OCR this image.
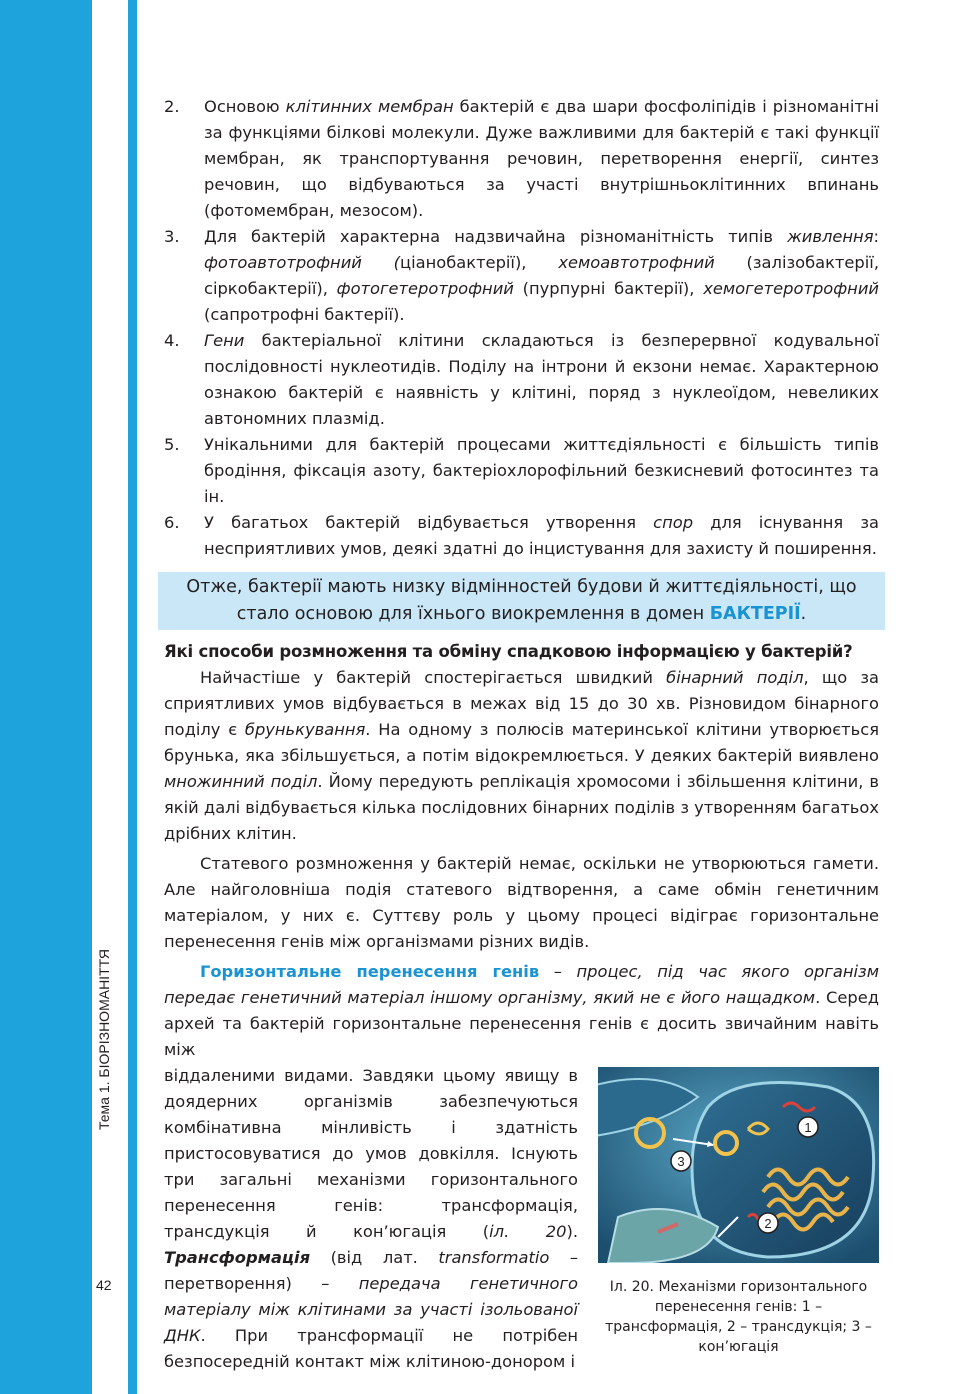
42
2.	Основою клітинних мембран бактерій є два шари фосфоліпідів і різноманітні за функціями білкові молекули. Дуже важливими для бактерій є такі функції мембран, як транспортування речовин, перетворення енергії, синтез речовин, що відбуваються за участі внутрішньоклітинних впинань (фотомембран, мезосом).
3.	Для бактерій характерна надзвичайна різноманітність типів живлення: фотоавтотрофний (ціанобактерії), хемоавтотрофний (залізобактерії, сіркобактерії), фотогетеротрофний (пурпурні бактерії), хемогетеротрофний (сапротрофні бактерії).
4.	Гени бактеріальної клітини складаються із безперервної кодувальної послідовності нуклеотидів. Поділу на інтрони й екзони немає. Характерною ознакою бактерій є наявність у клітині, поряд з нуклеоїдом, невеликих автономних плазмід.
5.	Унікальними для бактерій процесами життєдіяльності є більшість типів бродіння, фіксація азоту, бактеріохлорофільний безкисневий фотосинтез та ін.
6.	У багатьох бактерій відбувається утворення спор для існування за несприятливих умов, деякі здатні до інцистування для захисту й поширення.
Отже, бактерії мають низку відмінностей будови й життєдіяльності, що стало основою для їхнього виокремлення в домен БАКТЕРІЇ.
Які способи розмноження та обміну спадковою інформацією у бактерій?

Найчастіше у бактерій спостерігається швидкий бінарний поділ, що за сприятливих умов відбувається в межах від 15 до 30 хв. Різновидом бінарного поділу є брунькування. На одному з полюсів материнської клітини утворюється брунька, яка збільшується, а потім відокремлюється. У деяких бактерій виявлено множинний поділ. Йому передують реплікація хромосоми і збільшення клітини, в якій далі відбувається кілька послідовних бінарних поділів з утворенням багатьох дрібних клітин.

Статевого розмноження у бактерій немає, оскільки не утворюються гамети. Але найголовніша подія статевого відтворення, а саме обмін генетичним матеріалом, у них є. Суттєву роль у цьому процесі відіграє горизонтальне перенесення генів між організмами різних видів.

Горизонтальне перенесення генів – процес, під час якого організм передає генетичний матеріал іншому організму, який не є його нащадком. Серед архей та бактерій горизонтальне перенесення генів є досить звичайним навіть між

віддаленими видами. Завдяки цьому явищу в доядерних організмів забезпечуються комбінативна мінливість і здатність пристосовуватися до умов довкілля. Існують три загальні механізми горизонтального перенесення генів: трансформація, трансдукція й кон’югація (іл. 20). Трансформація (від лат. transformatio – перетворення) – передача генетичного матеріалу між клітинами за участі ізольованої ДНК. При трансформації не потрібен безпосередній контакт між клітиною-донором і
1
2
3
Іл. 20. Механізми горизонтального перенесення генів: 1 – трансформація, 2 – трансдукція; 3 – кон’югація
